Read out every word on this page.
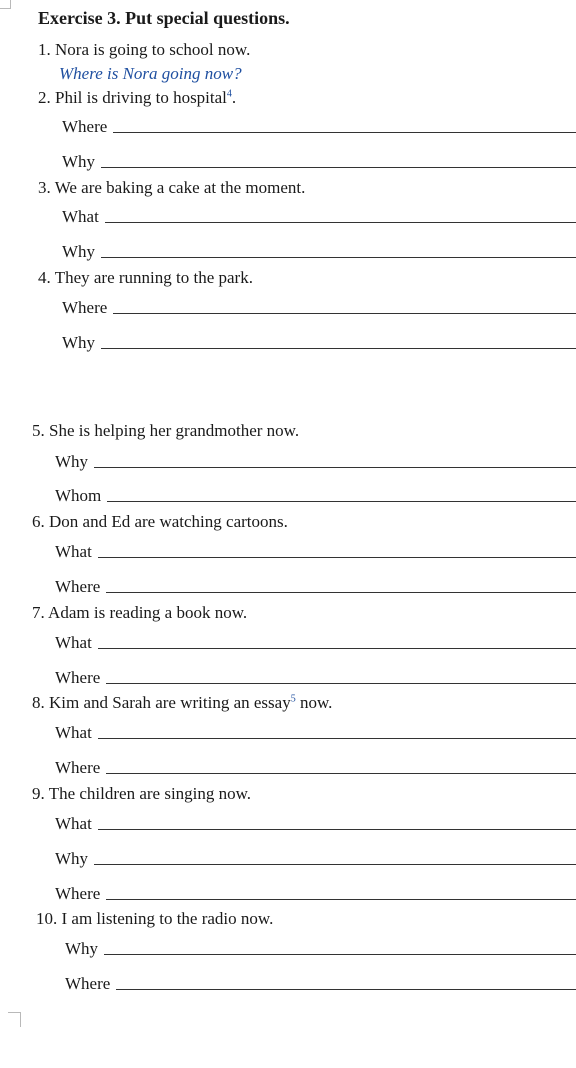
Exercise 3. Put special questions.
1. Nora is going to school now.
Where is Nora going now?
2. Phil is driving to hospital$^4$.
Where
Why
3. We are baking a cake at the moment.
What
Why
4. They are running to the park.
Where
Why
5. She is helping her grandmother now.
Why
Whom
6. Don and Ed are watching cartoons.
What
Where
7. Adam is reading a book now.
What
Where
8. Kim and Sarah are writing an essay$^5$ now.
What
Where
9. The children are singing now.
What
Why
Where
10. I am listening to the radio now.
Why
Where
